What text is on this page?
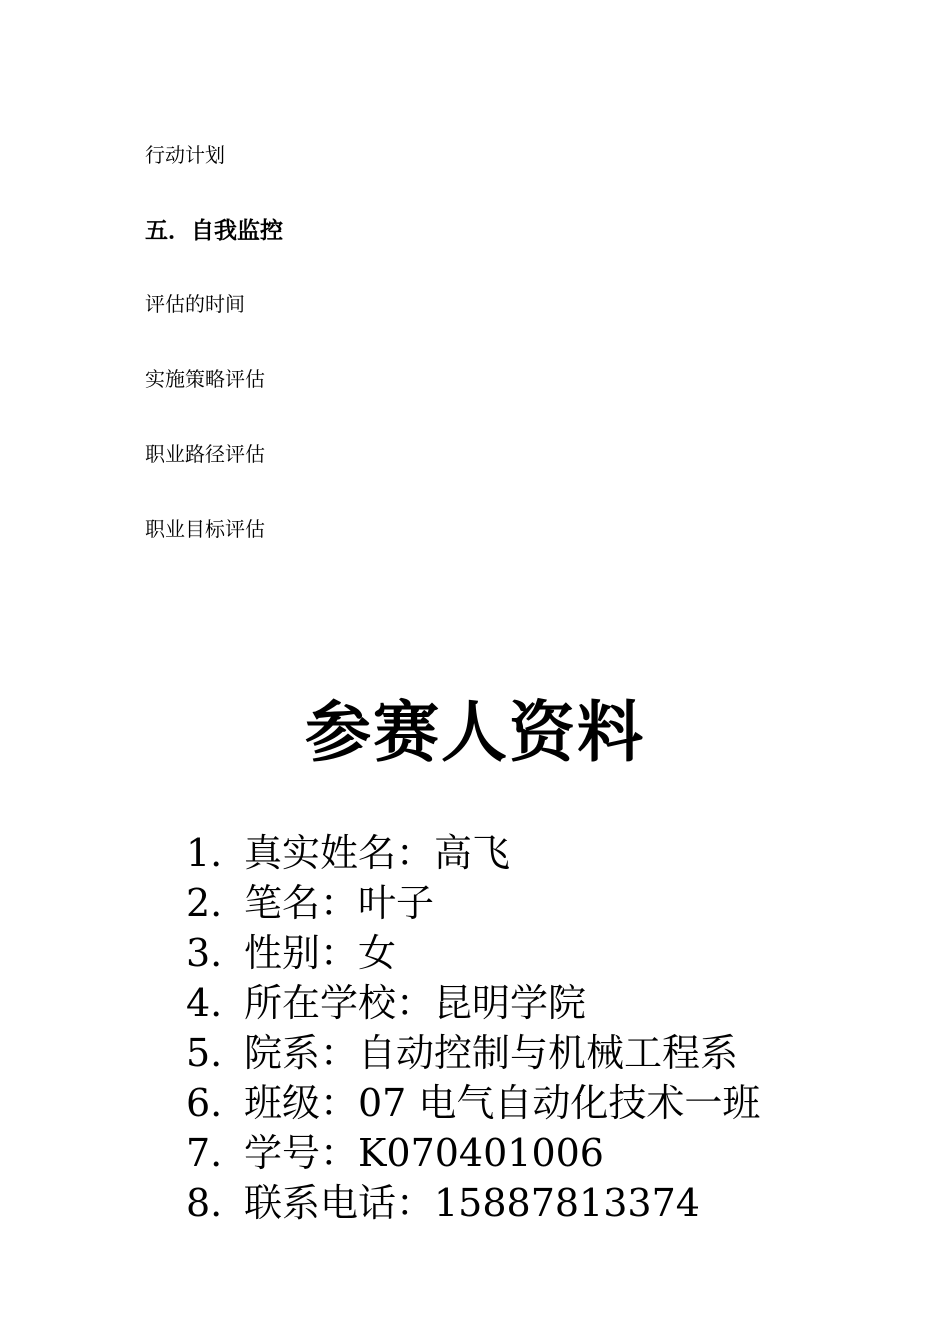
行动计划
五．自我监控
评估的时间
实施策略评估
职业路径评估
职业目标评估
参赛人资料
1. 真实姓名：高飞
2. 笔名：叶子
3. 性别：女
4. 所在学校：昆明学院
5. 院系：自动控制与机械工程系
6. 班级：07 电气自动化技术一班
7. 学号：K070401006
8. 联系电话：15887813374
